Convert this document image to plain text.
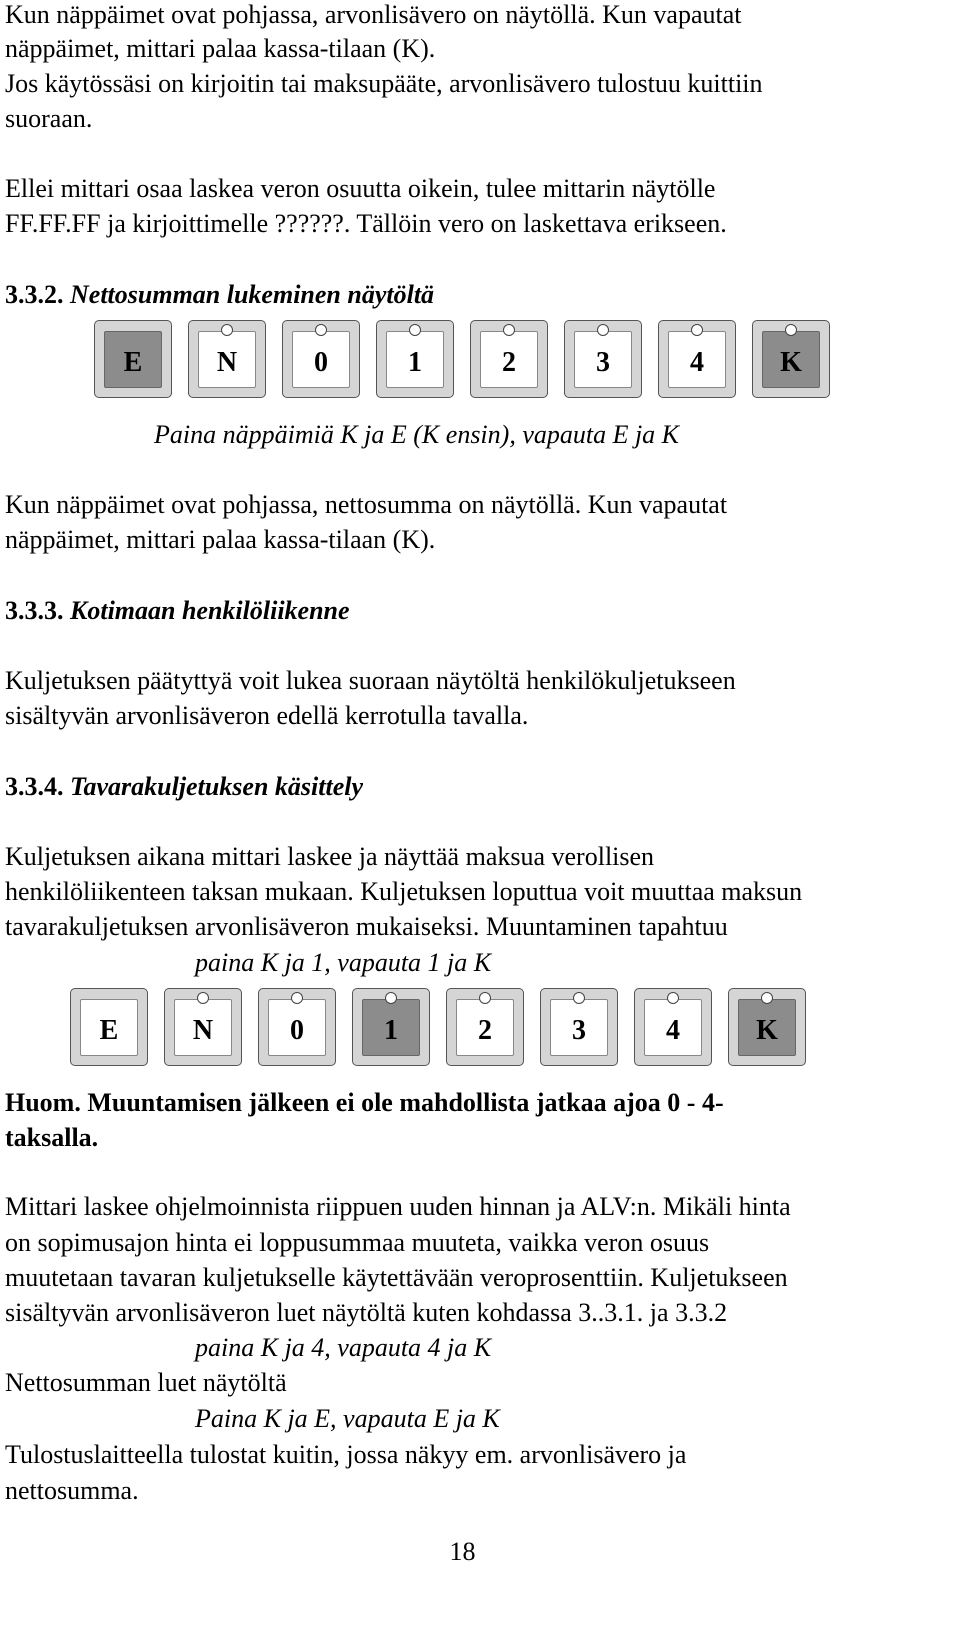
Kun näppäimet ovat pohjassa, arvonlisävero on näytöllä. Kun vapautat
näppäimet, mittari palaa kassa-tilaan (K).
Jos käytössäsi on kirjoitin tai maksupääte, arvonlisävero tulostuu kuittiin
suoraan.
Ellei mittari osaa laskea veron osuutta oikein, tulee mittarin näytölle
FF.FF.FF ja kirjoittimelle ??????. Tällöin vero on laskettava erikseen.
3.3.2. Nettosumman lukeminen näytöltä
E	N	0	1	2	3	4	K
Paina näppäimiä K ja E (K ensin), vapauta E ja K
Kun näppäimet ovat pohjassa, nettosumma on näytöllä. Kun vapautat
näppäimet, mittari palaa kassa-tilaan (K).
3.3.3. Kotimaan henkilöliikenne
Kuljetuksen päätyttyä voit lukea suoraan näytöltä henkilökuljetukseen
sisältyvän arvonlisäveron edellä kerrotulla tavalla.
3.3.4. Tavarakuljetuksen käsittely
Kuljetuksen aikana mittari laskee ja näyttää maksua verollisen
henkilöliikenteen taksan mukaan. Kuljetuksen loputtua voit muuttaa maksun
tavarakuljetuksen arvonlisäveron mukaiseksi. Muuntaminen tapahtuu
paina K ja 1, vapauta 1 ja K
E	N	0	1	2	3	4	K
Huom. Muuntamisen jälkeen ei ole mahdollista jatkaa ajoa 0 - 4-
taksalla.
Mittari laskee ohjelmoinnista riippuen uuden hinnan ja ALV:n. Mikäli hinta
on sopimusajon hinta ei loppusummaa muuteta, vaikka veron osuus
muutetaan tavaran kuljetukselle käytettävään veroprosenttiin. Kuljetukseen
sisältyvän arvonlisäveron luet näytöltä kuten kohdassa 3..3.1. ja 3.3.2
paina K ja 4, vapauta 4 ja K
Nettosumman luet näytöltä
Paina K ja E, vapauta E ja K
Tulostuslaitteella tulostat kuitin, jossa näkyy em. arvonlisävero ja
nettosumma.
18
